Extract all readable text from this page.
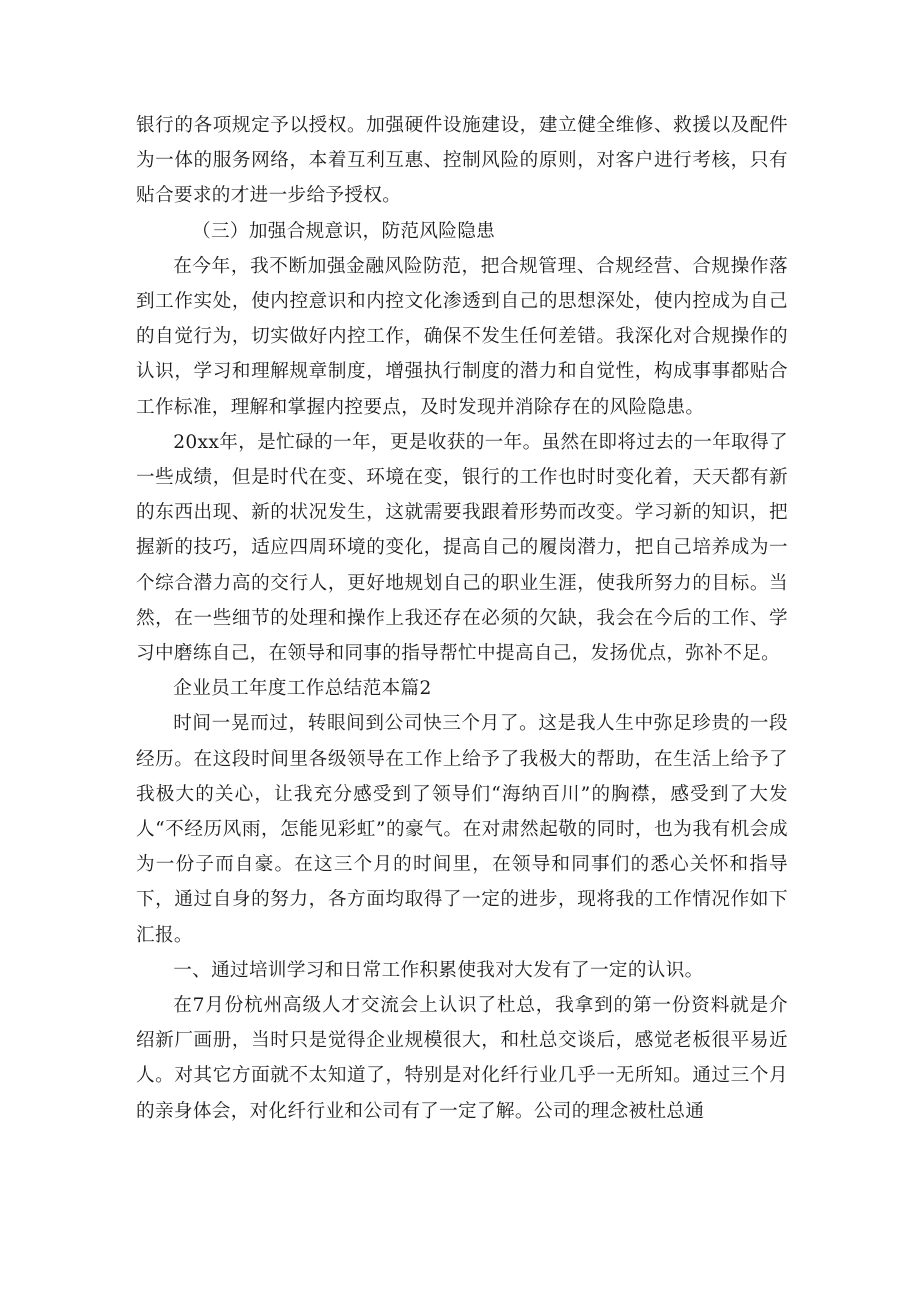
银行的各项规定予以授权。加强硬件设施建设，建立健全维修、救援以及配件为一体的服务网络，本着互利互惠、控制风险的原则，对客户进行考核，只有贴合要求的才进一步给予授权。

（三）加强合规意识，防范风险隐患

在今年，我不断加强金融风险防范，把合规管理、合规经营、合规操作落到工作实处，使内控意识和内控文化渗透到自己的思想深处，使内控成为自己的自觉行为，切实做好内控工作，确保不发生任何差错。我深化对合规操作的认识，学习和理解规章制度，增强执行制度的潜力和自觉性，构成事事都贴合工作标准，理解和掌握内控要点，及时发现并消除存在的风险隐患。

20xx年，是忙碌的一年，更是收获的一年。虽然在即将过去的一年取得了一些成绩，但是时代在变、环境在变，银行的工作也时时变化着，天天都有新的东西出现、新的状况发生，这就需要我跟着形势而改变。学习新的知识，把握新的技巧，适应四周环境的变化，提高自己的履岗潜力，把自己培养成为一个综合潜力高的交行人，更好地规划自己的职业生涯，使我所努力的目标。当然，在一些细节的处理和操作上我还存在必须的欠缺，我会在今后的工作、学习中磨练自己，在领导和同事的指导帮忙中提高自己，发扬优点，弥补不足。

企业员工年度工作总结范本篇2

时间一晃而过，转眼间到公司快三个月了。这是我人生中弥足珍贵的一段经历。在这段时间里各级领导在工作上给予了我极大的帮助，在生活上给予了我极大的关心，让我充分感受到了领导们“海纳百川”的胸襟，感受到了大发人“不经历风雨，怎能见彩虹”的豪气。在对肃然起敬的同时，也为我有机会成为一份子而自豪。在这三个月的时间里，在领导和同事们的悉心关怀和指导下，通过自身的努力，各方面均取得了一定的进步，现将我的工作情况作如下汇报。

一、通过培训学习和日常工作积累使我对大发有了一定的认识。

在7月份杭州高级人才交流会上认识了杜总，我拿到的第一份资料就是介绍新厂画册，当时只是觉得企业规模很大，和杜总交谈后，感觉老板很平易近人。对其它方面就不太知道了，特别是对化纤行业几乎一无所知。通过三个月的亲身体会，对化纤行业和公司有了一定了解。公司的理念被杜总通
